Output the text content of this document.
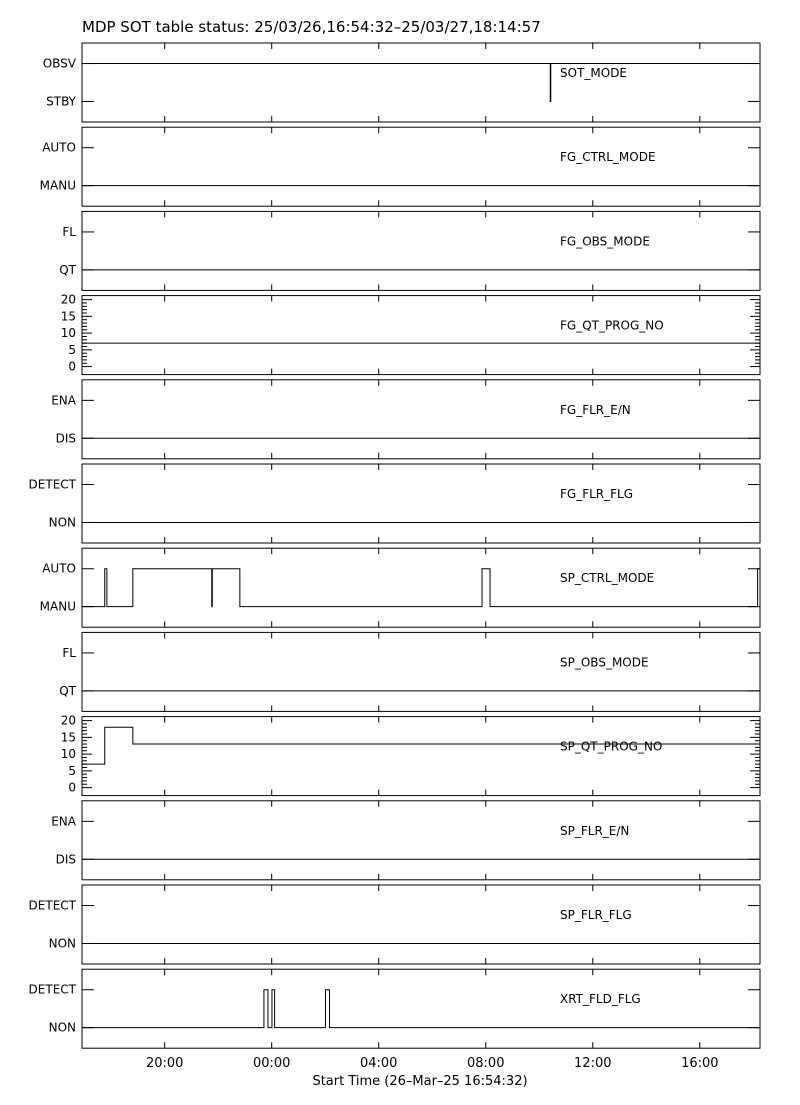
MDP SOT table status: 25/03/26,16:54:32–25/03/27,18:14:57
STBY
OBSV
SOT_MODE
MANU
AUTO
FG_CTRL_MODE
QT
FL
FG_OBS_MODE
0
5
10
15
20
FG_QT_PROG_NO
DIS
ENA
FG_FLR_E/N
NON
DETECT
FG_FLR_FLG
MANU
AUTO
SP_CTRL_MODE
QT
FL
SP_OBS_MODE
0
5
10
15
20
SP_QT_PROG_NO
DIS
ENA
SP_FLR_E/N
NON
DETECT
SP_FLR_FLG
NON
DETECT
XRT_FLD_FLG
20:00	00:00	04:00	08:00	12:00	16:00
Start Time (26–Mar–25 16:54:32)
